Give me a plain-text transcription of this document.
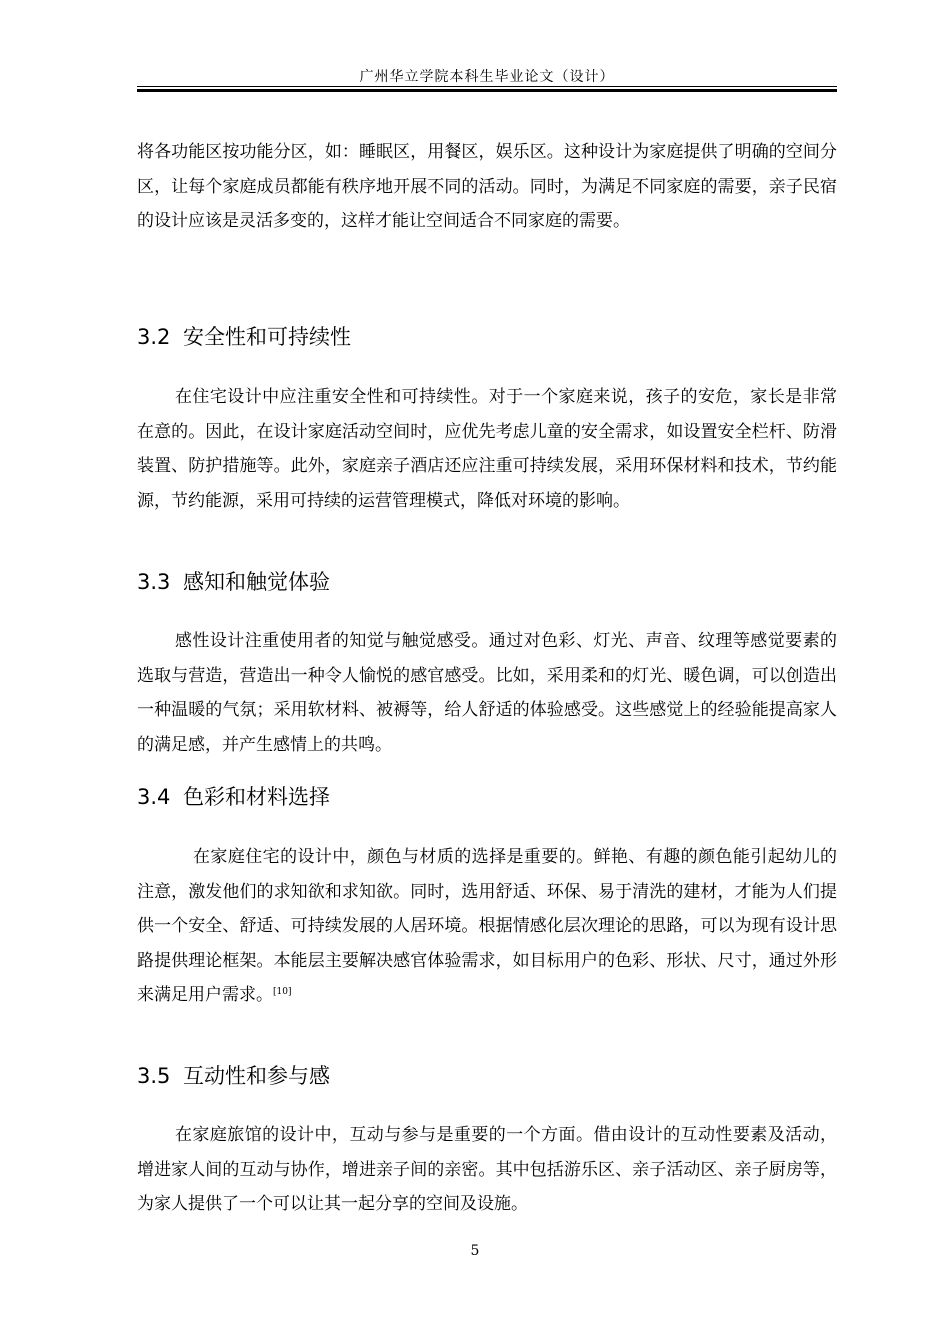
广州华立学院本科生毕业论文（设计）

将各功能区按功能分区，如：睡眠区，用餐区，娱乐区。这种设计为家庭提供了明确的空间分区，让每个家庭成员都能有秩序地开展不同的活动。同时，为满足不同家庭的需要，亲子民宿的设计应该是灵活多变的，这样才能让空间适合不同家庭的需要。

3.2 安全性和可持续性

在住宅设计中应注重安全性和可持续性。对于一个家庭来说，孩子的安危，家长是非常在意的。因此，在设计家庭活动空间时，应优先考虑儿童的安全需求，如设置安全栏杆、防滑装置、防护措施等。此外，家庭亲子酒店还应注重可持续发展，采用环保材料和技术，节约能源，节约能源，采用可持续的运营管理模式，降低对环境的影响。

3.3 感知和触觉体验

感性设计注重使用者的知觉与触觉感受。通过对色彩、灯光、声音、纹理等感觉要素的选取与营造，营造出一种令人愉悦的感官感受。比如，采用柔和的灯光、暖色调，可以创造出一种温暖的气氛；采用软材料、被褥等，给人舒适的体验感受。这些感觉上的经验能提高家人的满足感，并产生感情上的共鸣。

3.4 色彩和材料选择

在家庭住宅的设计中，颜色与材质的选择是重要的。鲜艳、有趣的颜色能引起幼儿的注意，激发他们的求知欲和求知欲。同时，选用舒适、环保、易于清洗的建材，才能为人们提供一个安全、舒适、可持续发展的人居环境。根据情感化层次理论的思路，可以为现有设计思路提供理论框架。本能层主要解决感官体验需求，如目标用户的色彩、形状、尺寸，通过外形来满足用户需求。[10]

3.5 互动性和参与感

在家庭旅馆的设计中，互动与参与是重要的一个方面。借由设计的互动性要素及活动，增进家人间的互动与协作，增进亲子间的亲密。其中包括游乐区、亲子活动区、亲子厨房等，为家人提供了一个可以让其一起分享的空间及设施。

5
